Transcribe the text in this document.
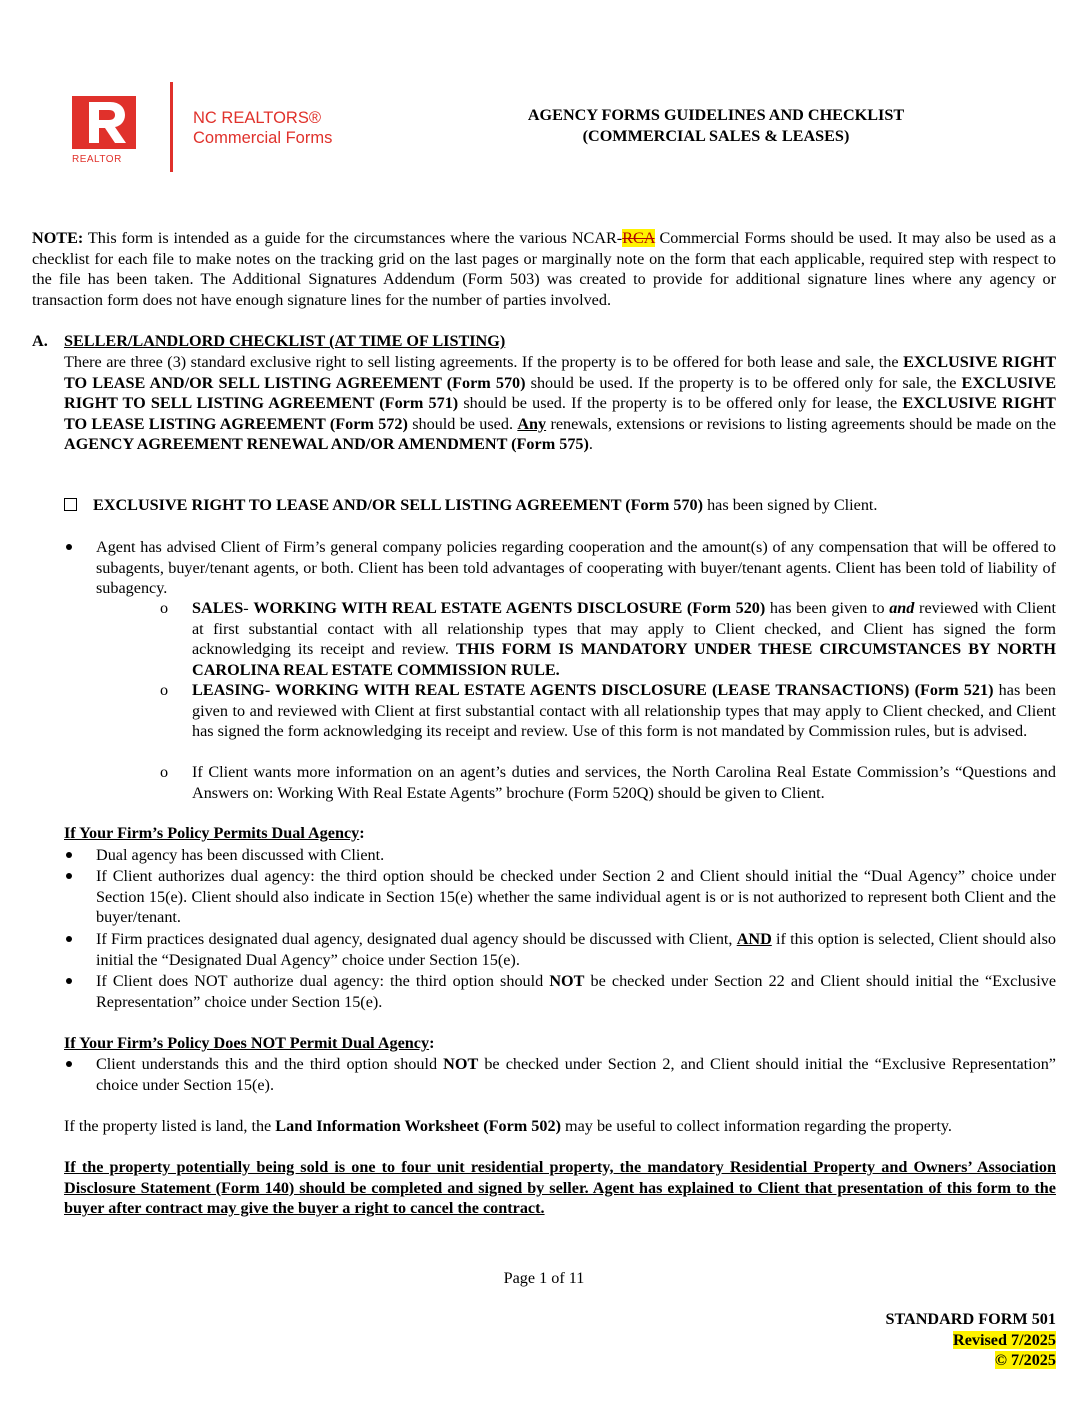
REALTOR
NC REALTORS®
Commercial Forms
AGENCY FORMS GUIDELINES AND CHECKLIST
(COMMERCIAL SALES & LEASES)
NOTE: This form is intended as a guide for the circumstances where the various NCAR-RCA Commercial Forms should be used. It may also be used as a checklist for each file to make notes on the tracking grid on the last pages or marginally note on the form that each applicable, required step with respect to the file has been taken. The Additional Signatures Addendum (Form 503) was created to provide for additional signature lines where any agency or transaction form does not have enough signature lines for the number of parties involved.
A. SELLER/LANDLORD CHECKLIST (AT TIME OF LISTING)
There are three (3) standard exclusive right to sell listing agreements. If the property is to be offered for both lease and sale, the EXCLUSIVE RIGHT TO LEASE AND/OR SELL LISTING AGREEMENT (Form 570) should be used. If the property is to be offered only for sale, the EXCLUSIVE RIGHT TO SELL LISTING AGREEMENT (Form 571) should be used. If the property is to be offered only for lease, the EXCLUSIVE RIGHT TO LEASE LISTING AGREEMENT (Form 572) should be used. Any renewals, extensions or revisions to listing agreements should be made on the AGENCY AGREEMENT RENEWAL AND/OR AMENDMENT (Form 575).
EXCLUSIVE RIGHT TO LEASE AND/OR SELL LISTING AGREEMENT (Form 570) has been signed by Client.
Agent has advised Client of Firm’s general company policies regarding cooperation and the amount(s) of any compensation that will be offered to subagents, buyer/tenant agents, or both. Client has been told advantages of cooperating with buyer/tenant agents. Client has been told of liability of subagency.
o SALES- WORKING WITH REAL ESTATE AGENTS DISCLOSURE (Form 520) has been given to and reviewed with Client at first substantial contact with all relationship types that may apply to Client checked, and Client has signed the form acknowledging its receipt and review. THIS FORM IS MANDATORY UNDER THESE CIRCUMSTANCES BY NORTH CAROLINA REAL ESTATE COMMISSION RULE.
o LEASING- WORKING WITH REAL ESTATE AGENTS DISCLOSURE (LEASE TRANSACTIONS) (Form 521) has been given to and reviewed with Client at first substantial contact with all relationship types that may apply to Client checked, and Client has signed the form acknowledging its receipt and review. Use of this form is not mandated by Commission rules, but is advised.
o If Client wants more information on an agent’s duties and services, the North Carolina Real Estate Commission’s “Questions and Answers on: Working With Real Estate Agents” brochure (Form 520Q) should be given to Client.
If Your Firm’s Policy Permits Dual Agency:
Dual agency has been discussed with Client.
If Client authorizes dual agency: the third option should be checked under Section 2 and Client should initial the “Dual Agency” choice under Section 15(e). Client should also indicate in Section 15(e) whether the same individual agent is or is not authorized to represent both Client and the buyer/tenant.
If Firm practices designated dual agency, designated dual agency should be discussed with Client, AND if this option is selected, Client should also initial the “Designated Dual Agency” choice under Section 15(e).
If Client does NOT authorize dual agency: the third option should NOT be checked under Section 22 and Client should initial the “Exclusive Representation” choice under Section 15(e).
If Your Firm’s Policy Does NOT Permit Dual Agency:
Client understands this and the third option should NOT be checked under Section 2, and Client should initial the “Exclusive Representation” choice under Section 15(e).
If the property listed is land, the Land Information Worksheet (Form 502) may be useful to collect information regarding the property.
If the property potentially being sold is one to four unit residential property, the mandatory Residential Property and Owners’ Association Disclosure Statement (Form 140) should be completed and signed by seller. Agent has explained to Client that presentation of this form to the buyer after contract may give the buyer a right to cancel the contract.
Page 1 of 11
STANDARD FORM 501
Revised 7/2025
© 7/2025
